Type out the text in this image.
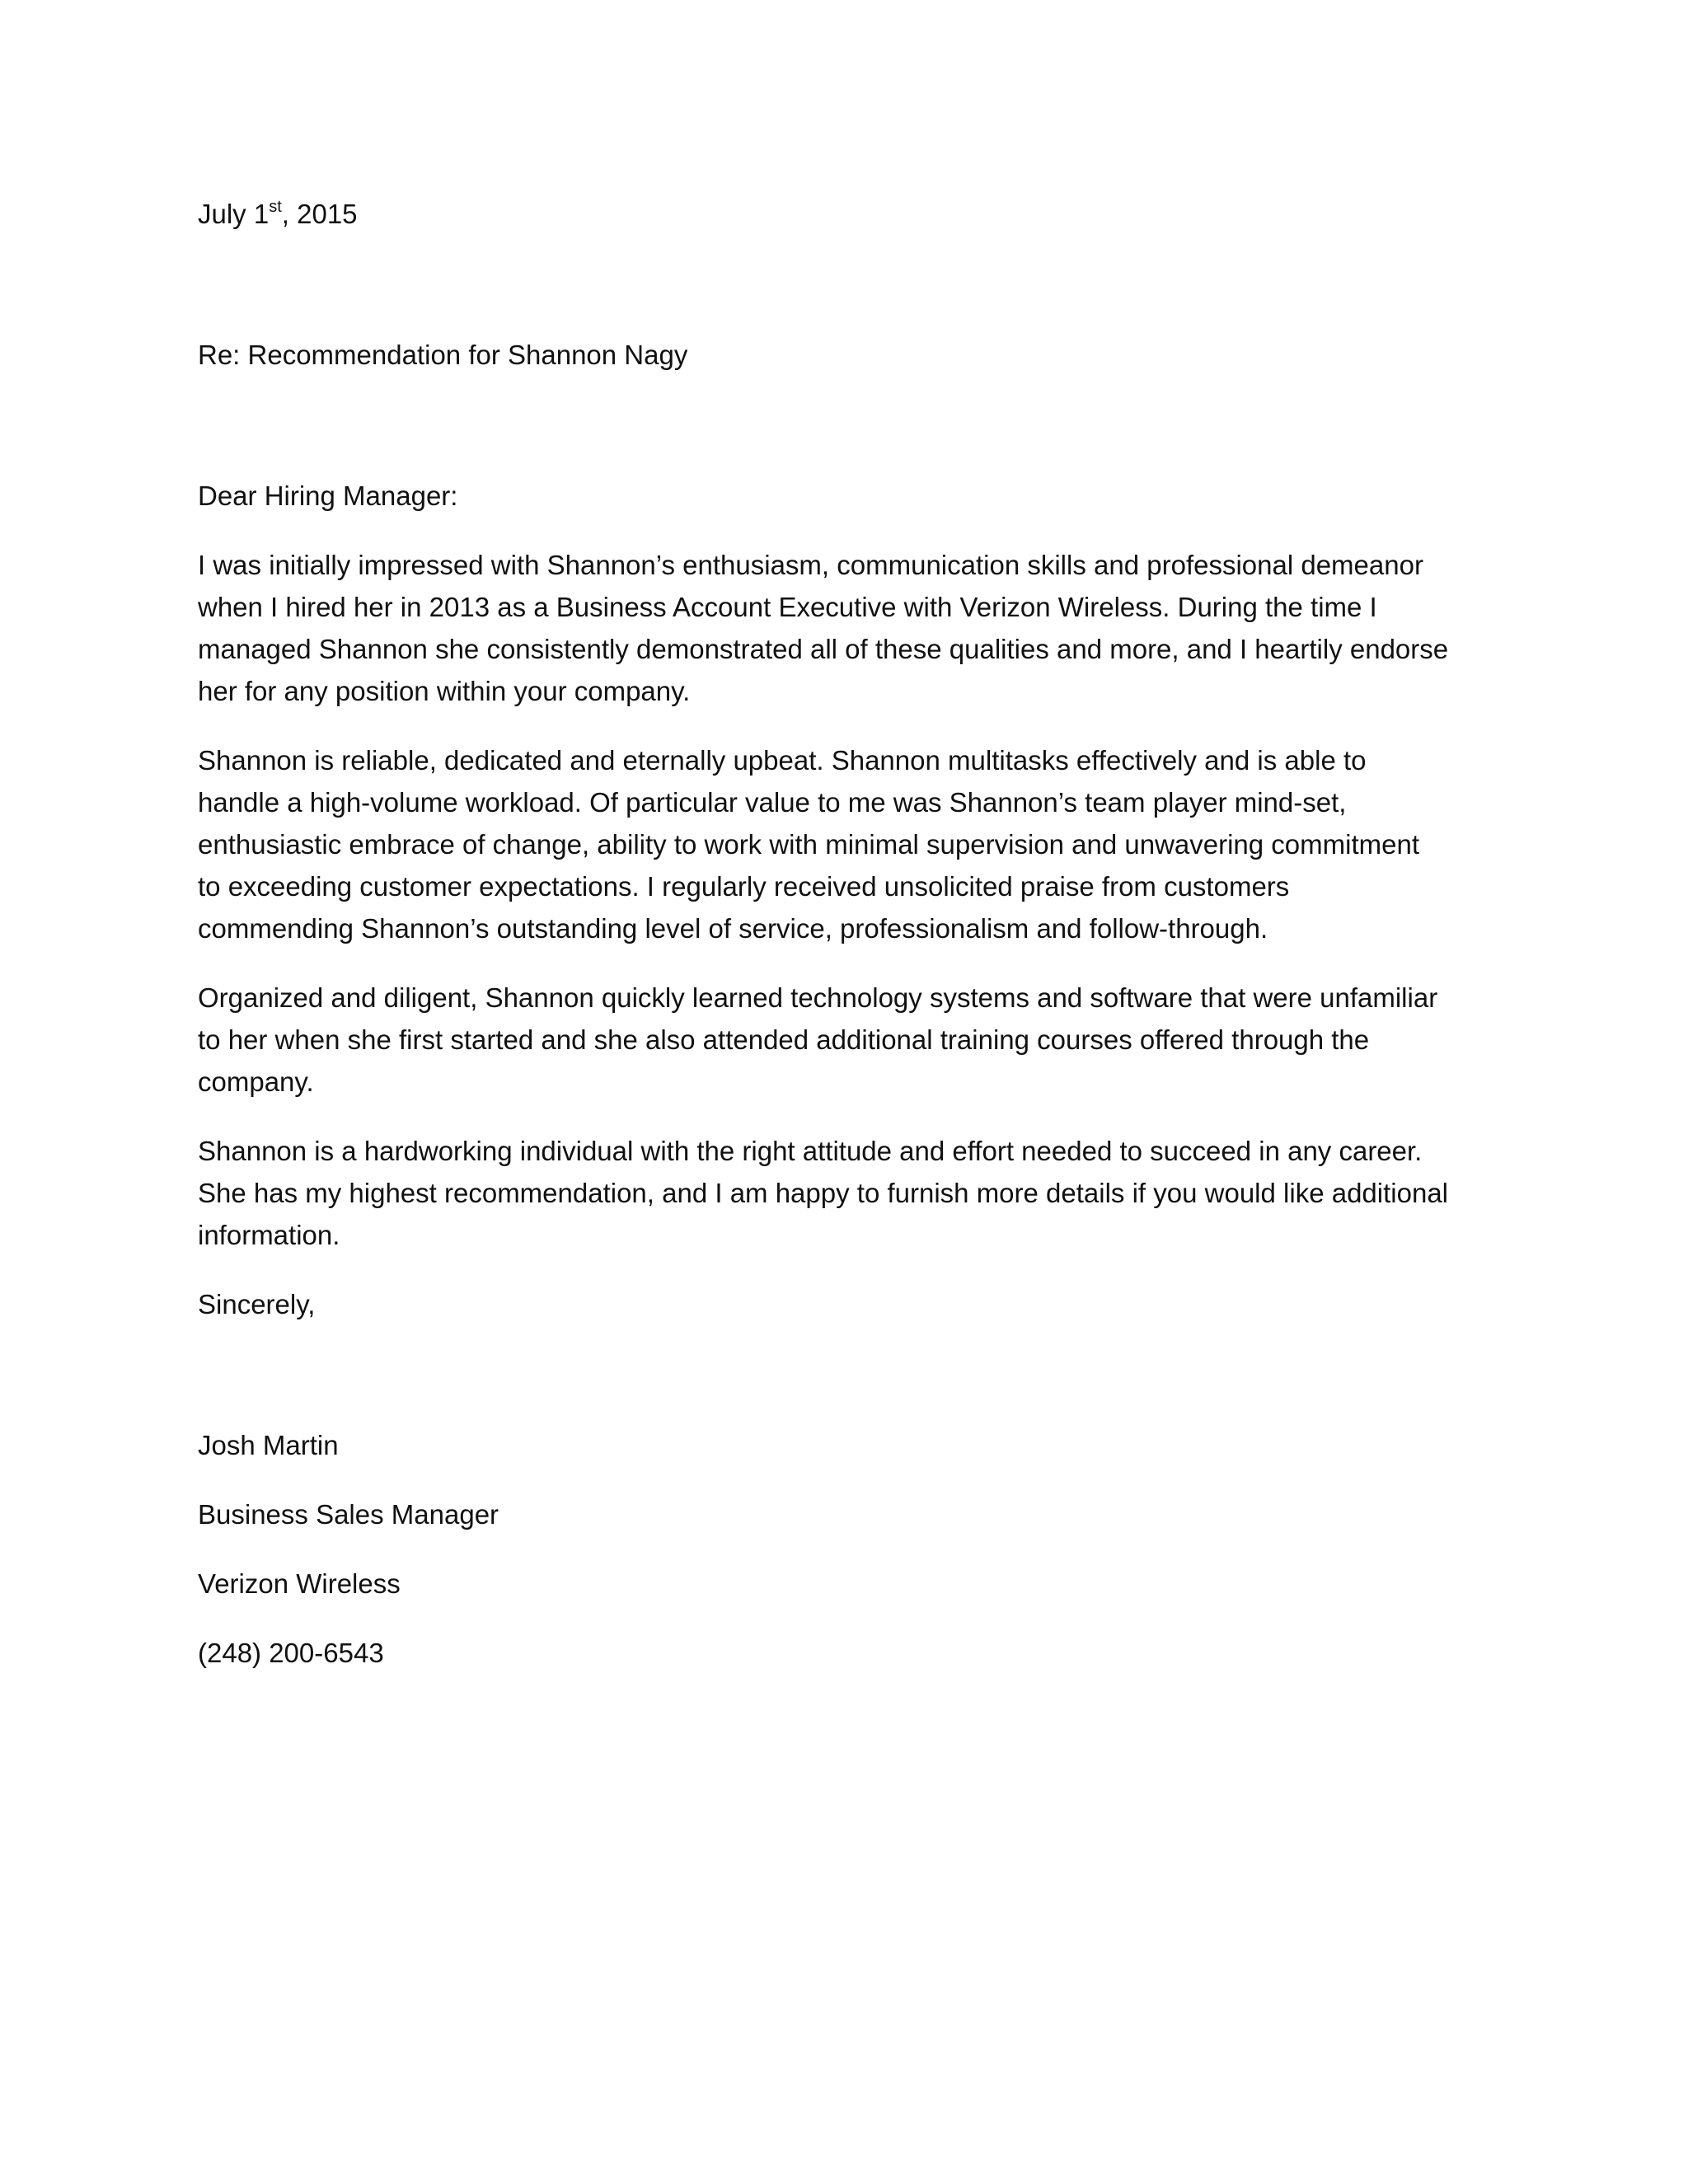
July 1st, 2015

Re: Recommendation for Shannon Nagy

Dear Hiring Manager:

I was initially impressed with Shannon’s enthusiasm, communication skills and professional demeanor
when I hired her in 2013 as a Business Account Executive with Verizon Wireless. During the time I
managed Shannon she consistently demonstrated all of these qualities and more, and I heartily endorse
her for any position within your company.
Shannon is reliable, dedicated and eternally upbeat. Shannon multitasks effectively and is able to
handle a high-volume workload. Of particular value to me was Shannon’s team player mind-set,
enthusiastic embrace of change, ability to work with minimal supervision and unwavering commitment
to exceeding customer expectations. I regularly received unsolicited praise from customers
commending Shannon’s outstanding level of service, professionalism and follow-through.
Organized and diligent, Shannon quickly learned technology systems and software that were unfamiliar
to her when she first started and she also attended additional training courses offered through the
company.
Shannon is a hardworking individual with the right attitude and effort needed to succeed in any career.
She has my highest recommendation, and I am happy to furnish more details if you would like additional
information.

Sincerely,

Josh Martin

Business Sales Manager

Verizon Wireless

(248) 200-6543
